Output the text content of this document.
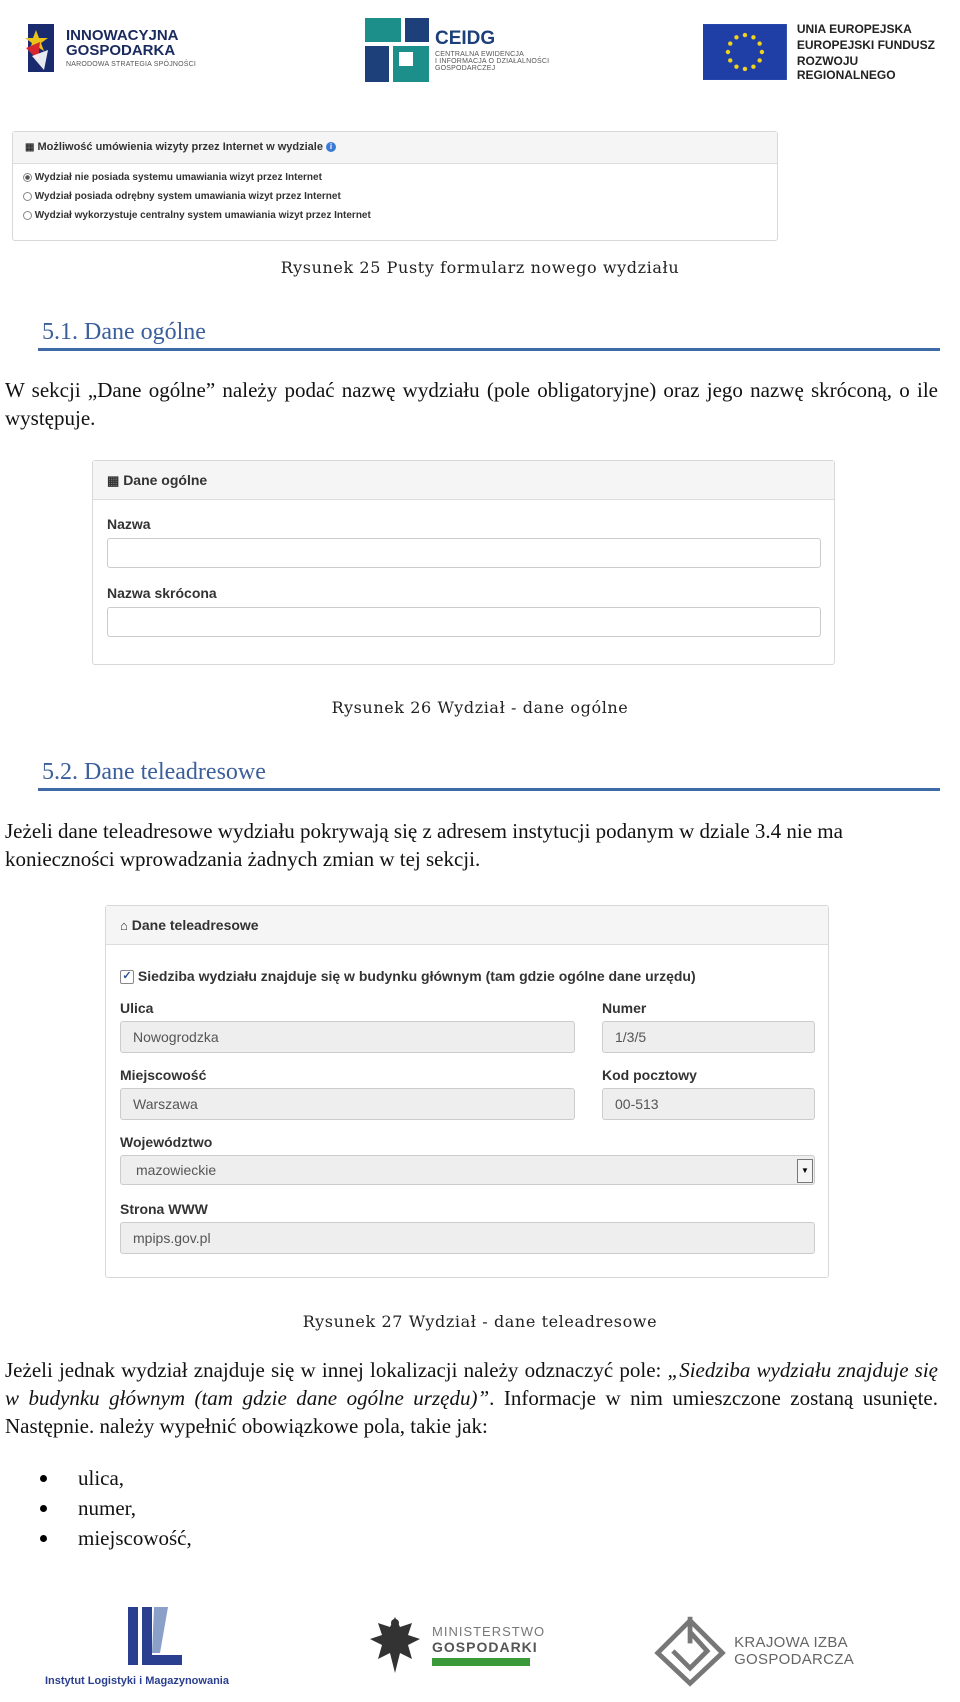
INNOWACYJNA
GOSPODARKA
NARODOWA STRATEGIA SPÓJNOŚCI
CEIDG
CENTRALNA EWIDENCJA
I INFORMACJA O DZIAŁALNOŚCI
GOSPODARCZEJ
UNIA EUROPEJSKA
EUROPEJSKI FUNDUSZ
ROZWOJU REGIONALNEGO
▦ Możliwość umówienia wizyty przez Internet w wydziale i
Wydział nie posiada systemu umawiania wizyt przez Internet
Wydział posiada odrębny system umawiania wizyt przez Internet
Wydział wykorzystuje centralny system umawiania wizyt przez Internet
Rysunek 25 Pusty formularz nowego wydziału
5.1. Dane ogólne
W sekcji „Dane ogólne” należy podać nazwę wydziału (pole obligatoryjne) oraz jego nazwę skróconą, o ile występuje.
▦ Dane ogólne
Nazwa
Nazwa skrócona
Rysunek 26 Wydział - dane ogólne
5.2. Dane teleadresowe
Jeżeli dane teleadresowe wydziału pokrywają się z adresem instytucji podanym w dziale 3.4 nie ma konieczności wprowadzania żadnych zmian w tej sekcji.
⌂ Dane teleadresowe
✓ Siedziba wydziału znajduje się w budynku głównym (tam gdzie ogólne dane urzędu)
Ulica
Nowogrodzka
Numer
1/3/5
Miejscowość
Warszawa
Kod pocztowy
00-513
Województwo
mazowieckie	▼
Strona WWW
mpips.gov.pl
Rysunek 27 Wydział - dane teleadresowe
Jeżeli jednak wydział znajduje się w innej lokalizacji należy odznaczyć pole: „Siedziba wydziału znajduje się w budynku głównym (tam gdzie dane ogólne urzędu)”. Informacje w nim umieszczone zostaną usunięte. Następnie. należy wypełnić obowiązkowe pola, takie jak:
ulica,
numer,
miejscowość,
Instytut Logistyki i Magazynowania
MINISTERSTWO
GOSPODARKI	KRAJOWA IZBA GOSPODARCZA
